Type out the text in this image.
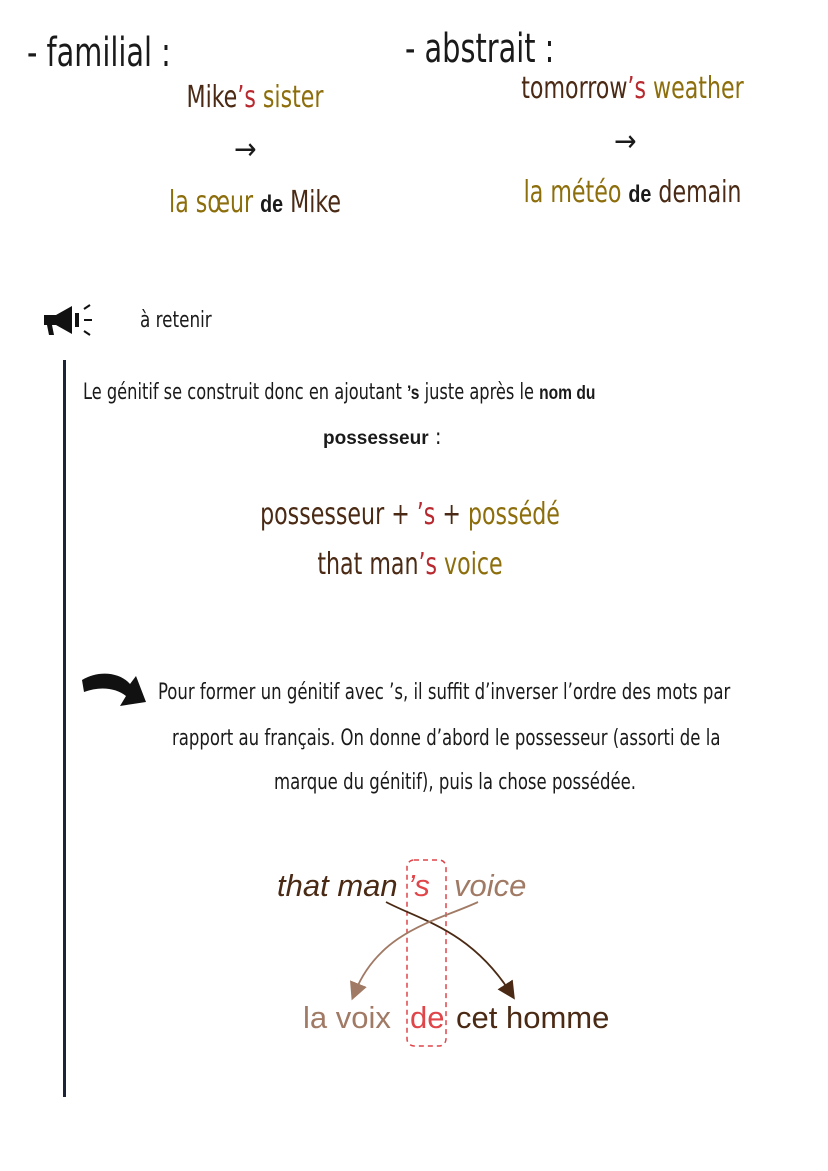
- familial :
Mike’s sister
→
la sœur de Mike
- abstrait :
tomorrow’s weather
→
la météo de demain
à retenir
Le génitif se construit donc en ajoutant ’s juste après le nom du
possesseur :
possesseur + ’s + possédé
that man’s voice
Pour former un génitif avec ’s, il suffit d’inverser l’ordre des mots par
rapport au français. On donne d’abord le possesseur (assorti de la
marque du génitif), puis la chose possédée.
that man ’s voice
la voix de cet homme
